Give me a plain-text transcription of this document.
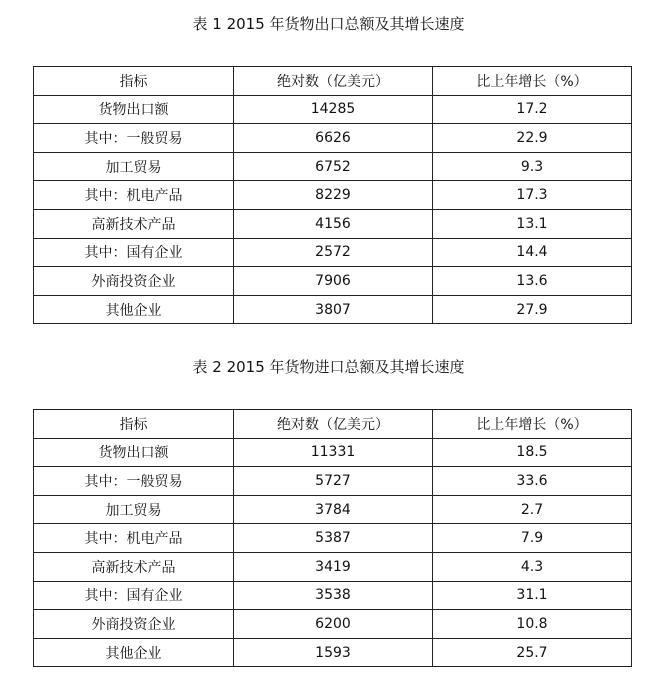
表 1 2015 年货物出口总额及其增长速度
指标	绝对数（亿美元）	比上年增长（%）
货物出口额	14285	17.2
其中：一般贸易	6626	22.9
加工贸易	6752	9.3
其中：机电产品	8229	17.3
高新技术产品	4156	13.1
其中：国有企业	2572	14.4
外商投资企业	7906	13.6
其他企业	3807	27.9
表 2 2015 年货物进口总额及其增长速度
指标	绝对数（亿美元）	比上年增长（%）
货物出口额	11331	18.5
其中：一般贸易	5727	33.6
加工贸易	3784	2.7
其中：机电产品	5387	7.9
高新技术产品	3419	4.3
其中：国有企业	3538	31.1
外商投资企业	6200	10.8
其他企业	1593	25.7
